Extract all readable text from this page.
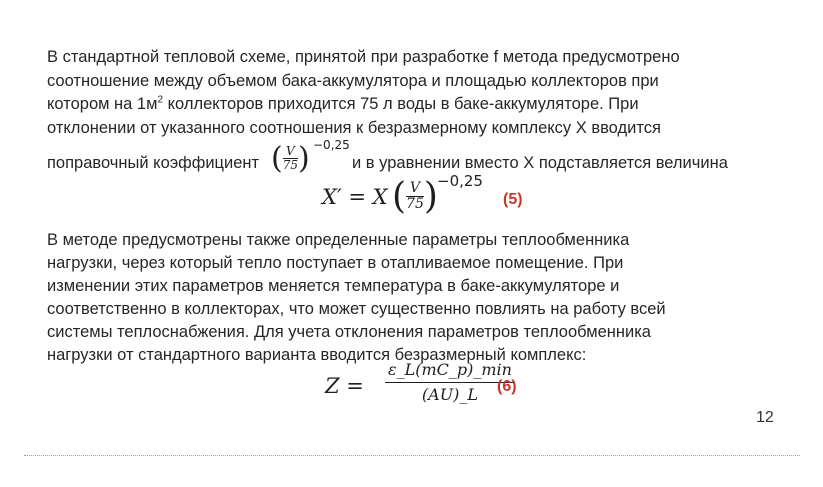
В стандартной тепловой схеме, принятой при разработке f метода предусмотрено
соотношение между объемом бака-аккумулятора и площадью коллекторов при
котором на $1м^2$ коллекторов приходится 75 л воды в баке-аккумуляторе. При
отклонении от указанного соотношения к безразмерному комплексу X вводится
поправочный коэффициент ( $\frac{V}{75}$ ) −0,25
и в уравнении вместо X подставляется величина
X′ = X ( $\frac{V}{75}$ ) −0,25
(5)
В методе предусмотрены также определенные параметры теплообменника
нагрузки, через который тепло поступает в отапливаемое помещение. При
изменении этих параметров меняется температура в баке-аккумуляторе и
соответственно в коллекторах, что может существенно повлиять на работу всей
системы теплоснабжения. Для учета отклонения параметров теплообменника
нагрузки от стандартного варианта вводится безразмерный комплекс:
Z =
ε_L(mC_p)_min
(AU)_L	(6)
12
